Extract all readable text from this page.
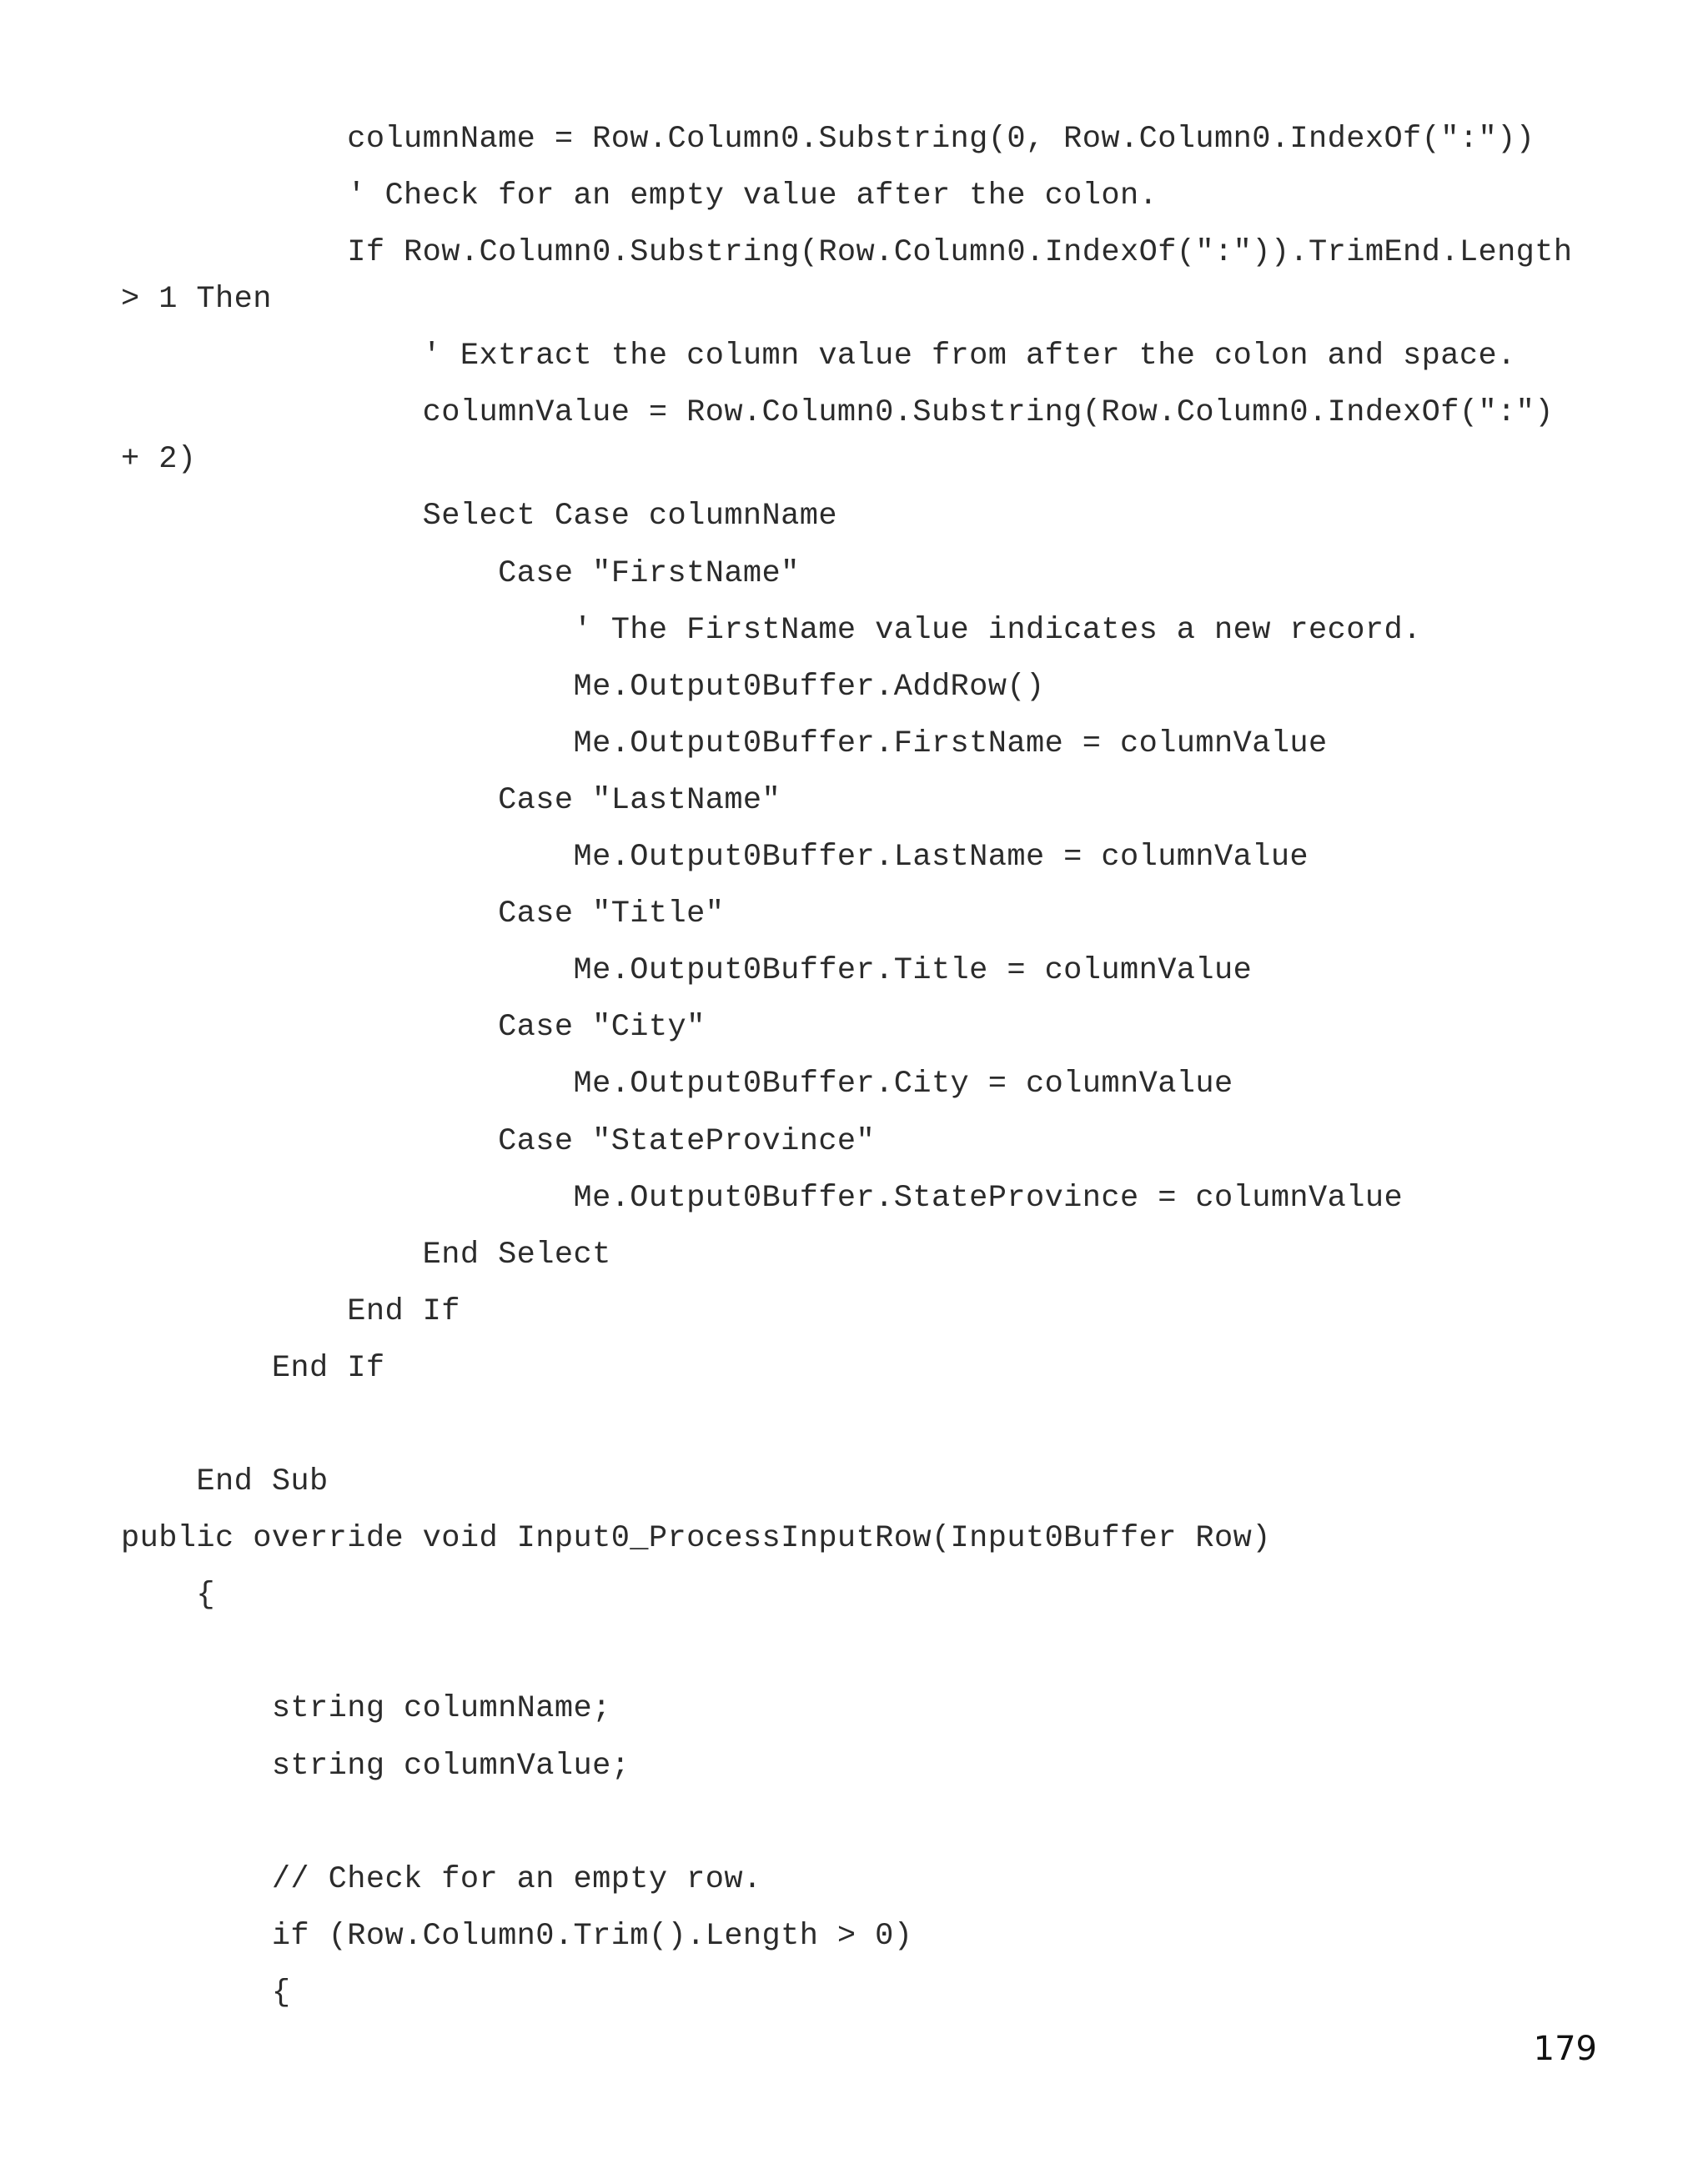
columnName = Row.Column0.Substring(0, Row.Column0.IndexOf(":"))
' Check for an empty value after the colon.
If Row.Column0.Substring(Row.Column0.IndexOf(":")).TrimEnd.Length
> 1 Then
' Extract the column value from after the colon and space.
columnValue = Row.Column0.Substring(Row.Column0.IndexOf(":")
+ 2)
Select Case columnName
Case "FirstName"
' The FirstName value indicates a new record.
Me.Output0Buffer.AddRow()
Me.Output0Buffer.FirstName = columnValue
Case "LastName"
Me.Output0Buffer.LastName = columnValue
Case "Title"
Me.Output0Buffer.Title = columnValue
Case "City"
Me.Output0Buffer.City = columnValue
Case "StateProvince"
Me.Output0Buffer.StateProvince = columnValue
End Select
End If
End If
End Sub
public override void Input0_ProcessInputRow(Input0Buffer Row)
{
string columnName;
string columnValue;
// Check for an empty row.
if (Row.Column0.Trim().Length > 0)
{
179
